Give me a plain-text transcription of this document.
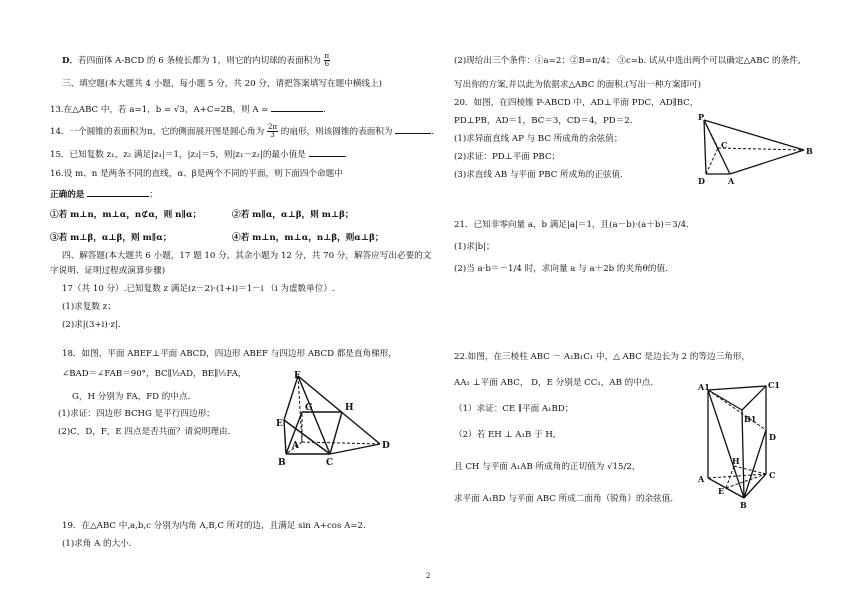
D．若四面体 A-BCD 的 6 条棱长都为 1，则它的内切球的表面积为 $\frac{\pi}{6}$
三、填空题(本大题共 4 小题，每小题 5 分，共 20 分，请把答案填写在题中横线上)
13.在△ABC 中，若 a=1，b = √3，A+C=2B，则 A =	.
14．一个圆锥的表面积为π，它的侧面展开图是圆心角为 $\frac{2\pi}{3}$ 的扇形，则该圆锥的表面积为	.
15．已知复数 z₁，z₂ 满足|z₁|＝1，|z₂|＝5，则|z₁－z₂|的最小值是	.
16.设 m、n 是两条不同的直线，α、β是两个不同的平面，则下面四个命题中
正确的是	；
①若 m⊥n，m⊥α，n⊄α，则 n∥α；	②若 m∥α，α⊥β，则 m⊥β；
③若 m⊥β，α⊥β，则 m∥α；	④若 m⊥n，m⊥α，n⊥β，则α⊥β；
四、解答题(本大题共 6 小题，17 题 10 分，其余小题为 12 分，共 70 分，解答应写出必要的文
字说明、证明过程或演算步骤)
17（共 10 分）.已知复数 z 满足(z－2)·(1+i)＝1－i （i 为虚数单位）.
(1)求复数 z；
(2)求|(3+i)·z|.
18．如图，平面 ABEF⊥平面 ABCD，四边形 ABEF 与四边形 ABCD 都是直角梯形，
∠BAD＝∠FAB＝90°，BC∥½AD，BE∥½FA，
G，H 分别为 FA，FD 的中点．
(1)求证：四边形 BCHG 是平行四边形；
(2)C，D，F，E 四点是否共面？请说明理由．
19．在△ABC 中,a,b,c 分别为内角 A,B,C 所对的边，且满足 sin A+cos A=2.
(1)求角 A 的大小.
F
G	H
E
A
B	C
D
(2)现给出三个条件：①a=2；②B=π/4； ③c=b. 试从中选出两个可以确定△ABC 的条件,
写出你的方案,并以此为依据求△ABC 的面积.(写出一种方案即可)
20．如图，在四棱锥 P-ABCD 中，AD⊥平面 PDC，AD∥BC，
PD⊥PB，AD＝1，BC＝3，CD＝4，PD＝2.
(1)求异面直线 AP 与 BC 所成角的余弦值；
(2)求证：PD⊥平面 PBC；
(3)求直线 AB 与平面 PBC 所成角的正弦值.
21．已知非零向量 a，b 满足|a|＝1，且(a－b)·(a＋b)＝3/4.
(1)求|b|；
(2)当 a·b＝－1/4 时，求向量 a 与 a＋2b 的夹角θ的值.
22.如图，在三棱柱 ABC － A₁B₁C₁ 中，△ ABC 是边长为 2 的等边三角形，
AA₁ ⊥平面 ABC， D，E 分别是 CC₁，AB 的中点.
（1）求证：CE ∥平面 A₁BD；
（2）若 EH ⊥ A₁B 于 H,
且 CH 与平面 A₁AB 所成角的正切值为 √15/2，
求平面 A₁BD 与平面 ABC 所成二面角（锐角）的余弦值.
P
C
B
D	A
A1	C1
B1
D
H
C
A
E
B
2
